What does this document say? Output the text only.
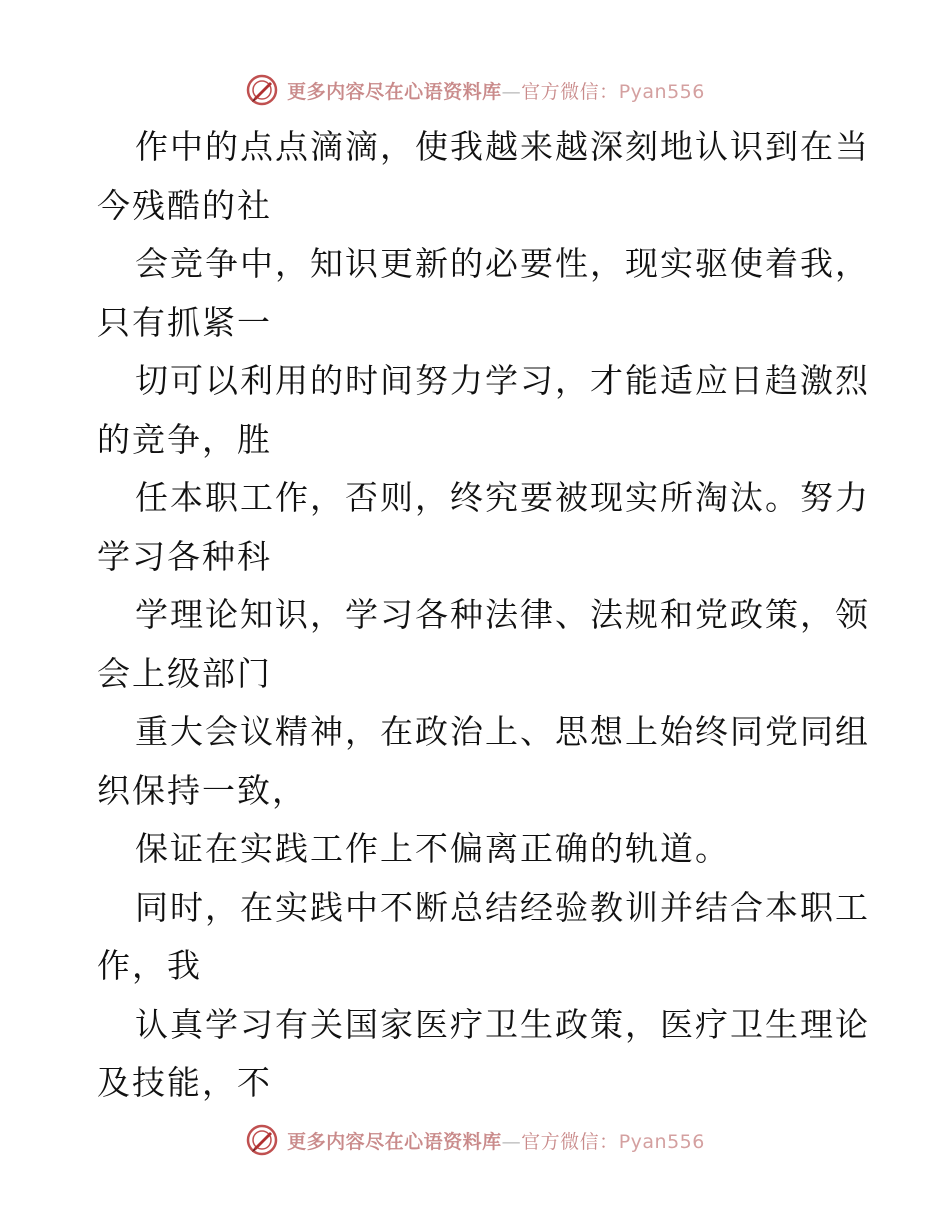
更多内容尽在心语资料库—官方微信：Pyan556
作中的点点滴滴，使我越来越深刻地认识到在当
今残酷的社
会竞争中，知识更新的必要性，现实驱使着我，
只有抓紧一
切可以利用的时间努力学习，才能适应日趋激烈
的竞争，胜
任本职工作，否则，终究要被现实所淘汰。努力
学习各种科
学理论知识，学习各种法律、法规和党政策，领
会上级部门
重大会议精神，在政治上、思想上始终同党同组
织保持一致，
保证在实践工作上不偏离正确的轨道。
同时，在实践中不断总结经验教训并结合本职工
作，我
认真学习有关国家医疗卫生政策，医疗卫生理论
及技能，不
更多内容尽在心语资料库—官方微信：Pyan556
